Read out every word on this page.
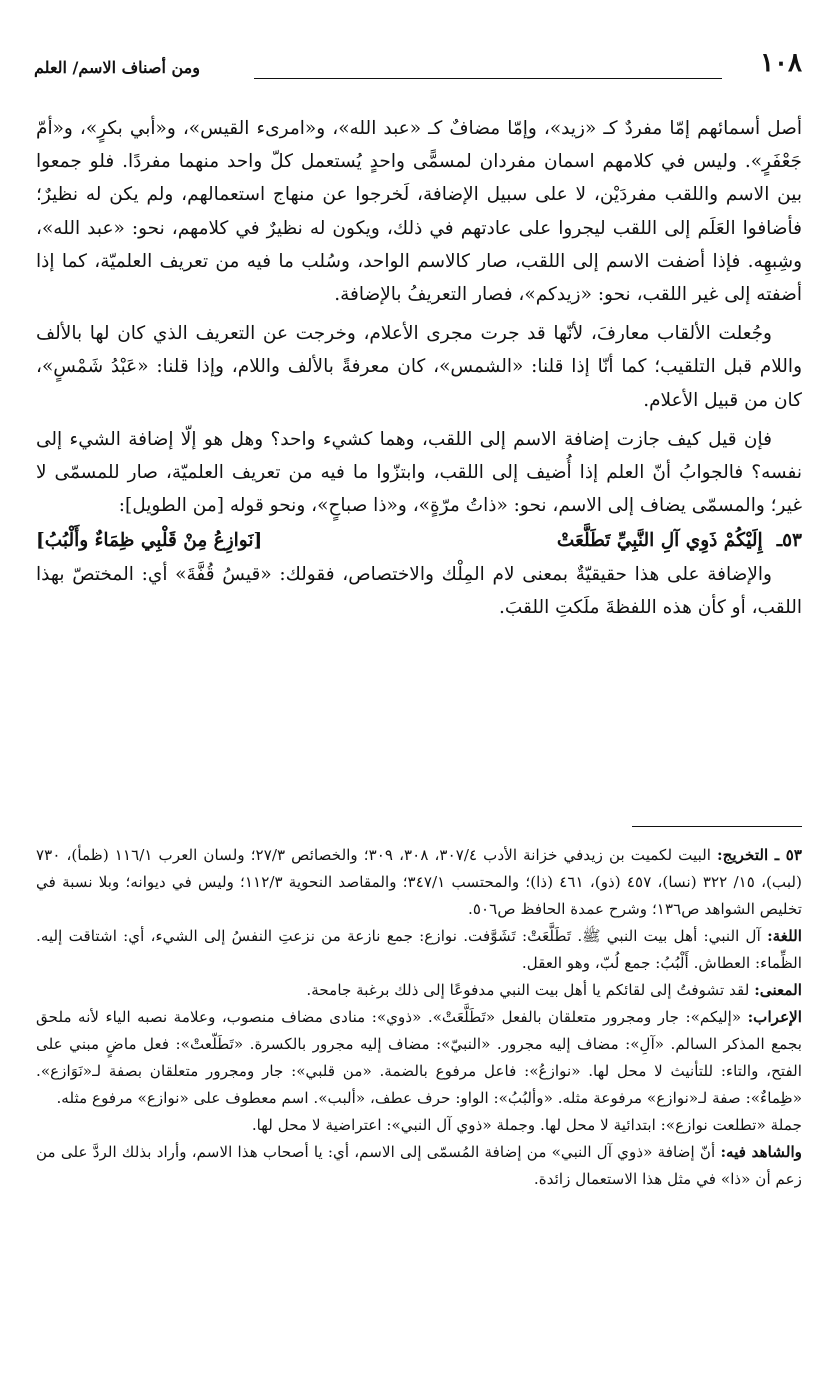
١٠٨
ومن أصناف الاسم/ العلم

أصل أسمائهم إمّا مفردٌ كـ «زيد»، وإمّا مضافٌ كـ «عبد الله»، و«امرىء القيس»، و«أبي بكرٍ»، و«أمّ جَعْفَرٍ». وليس في كلامهم اسمان مفردان لمسمًّى واحدٍ يُستعمل كلّ واحد منهما مفردًا. فلو جمعوا بين الاسم واللقب مفردَيْن، لا على سبيل الإضافة، لَخرجوا عن منهاج استعمالهم، ولم يكن له نظيرٌ؛ فأضافوا العَلَم إلى اللقب ليجروا على عادتهم في ذلك، ويكون له نظيرٌ في كلامهم، نحو: «عبد الله»، وشِبهِه. فإذا أضفت الاسم إلى اللقب، صار كالاسم الواحد، وسُلب ما فيه من تعريف العلميّة، كما إذا أضفته إلى غير اللقب، نحو: «زيدكم»، فصار التعريفُ بالإضافة.

وجُعلت الألقاب معارفَ، لأنّها قد جرت مجرى الأعلام، وخرجت عن التعريف الذي كان لها بالألف واللام قبل التلقيب؛ كما أنّا إذا قلنا: «الشمس»، كان معرفةً بالألف واللام، وإذا قلنا: «عَبْدُ شَمْسٍ»، كان من قبيل الأعلام.

فإن قيل كيف جازت إضافة الاسم إلى اللقب، وهما كشيء واحد؟ وهل هو إلّا إضافة الشيء إلى نفسه؟ فالجوابُ أنّ العلم إذا أُضيف إلى اللقب، وابتزّوا ما فيه من تعريف العلميّة، صار للمسمّى لا غير؛ والمسمّى يضاف إلى الاسم، نحو: «ذاتُ مرّةٍ»، و«ذا صباحٍ»، ونحو قوله [من الطويل]:

٥٣ـ
إِلَيْكُمْ ذَوِي آلِ النَّبِيِّ تَطَلَّعَتْ
[نَوازِعُ مِنْ قَلْبِي ظِمَاءٌ وأَلْبُبُ]

والإضافة على هذا حقيقيّةٌ بمعنى لام المِلْك والاختصاص، فقولك: «قيسُ قُفَّةَ» أي: المختصّ بهذا اللقب، أو كأن هذه اللفظةَ ملَكتِ اللقبَ.

٥٣ ـ التخريج: البيت لكميت بن زيدفي خزانة الأدب ٣٠٧/٤، ٣٠٨، ٣٠٩؛ والخصائص ٢٧/٣؛ ولسان العرب ١١٦/١ (ظمأ)، ٧٣٠ (لبب)، ١٥/ ٣٢٢ (نسا)، ٤٥٧ (ذو)، ٤٦١ (ذا)؛ والمحتسب ٣٤٧/١؛ والمقاصد النحوية ١١٢/٣؛ وليس في ديوانه؛ وبلا نسبة في تخليص الشواهد ص١٣٦؛ وشرح عمدة الحافظ ص٥٠٦.

اللغة: آل النبي: أهل بيت النبي ﷺ. تَطَلَّعَتْ: تَشَوَّفت. نوازع: جمع نازعة من نزعتِ النفسُ إلى الشيء، أي: اشتاقت إليه. الظِّماء: العطاش. أَلْبُبُ: جمع لُبّ، وهو العقل.

المعنى: لقد تشوفتُ إلى لقائكم يا أهل بيت النبي مدفوعًا إلى ذلك برغبة جامحة.

الإعراب: «إليكم»: جار ومجرور متعلقان بالفعل «تَطَلَّعَتْ». «ذوي»: منادى مضاف منصوب، وعلامة نصبه الياء لأنه ملحق بجمع المذكر السالم. «آلِ»: مضاف إليه مجرور. «النبيّ»: مضاف إليه مجرور بالكسرة. «تَطَلّعتْ»: فعل ماضٍ مبني على الفتح، والتاء: للتأنيث لا محل لها. «نوازعُ»: فاعل مرفوع بالضمة. «من قلبي»: جار ومجرور متعلقان بصفة لـ«نَوَازع». «ظِماءٌ»: صفة لـ«نوازع» مرفوعة مثله. «وألبُبُ»: الواو: حرف عطف، «ألبب». اسم معطوف على «نوازع» مرفوع مثله.

جملة «تطلعت نوازع»: ابتدائية لا محل لها. وجملة «ذوي آل النبي»: اعتراضية لا محل لها.

والشاهد فيه: أنّ إضافة «ذوي آل النبي» من إضافة المُسمّى إلى الاسم، أي: يا أصحاب هذا الاسم، وأراد بذلك الردَّ على من زعم أن «ذا» في مثل هذا الاستعمال زائدة.
